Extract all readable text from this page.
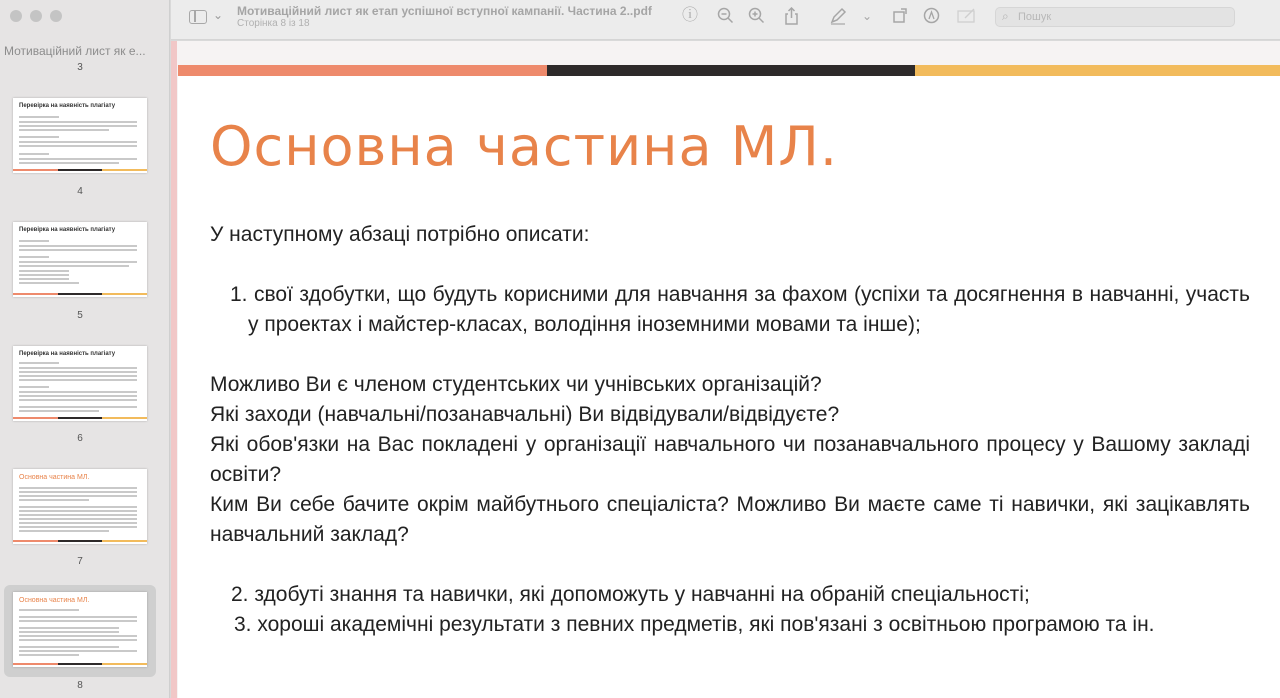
Мотиваційний лист як е...
3
Перевірка на наявність плагіату
4
Перевірка на наявність плагіату
5
Перевірка на наявність плагіату
6
Основна частина МЛ.
7
Основна частина МЛ.
8
⌄ Мотиваційний лист як етап успішної вступної кампанії. Частина 2..pdf
Сторінка 8 із 18	ⓘ	⌄	⌕ Пошук
Основна частина МЛ.
У наступному абзаці потрібно описати:
1. свої здобутки, що будуть корисними для навчання за фахом (успіхи та досягнення в навчанні, участь у проектах і майстер-класах, володіння іноземними мовами та інше);
Можливо Ви є членом студентських чи учнівських організацій?
Які заходи (навчальні/позанавчальні) Ви відвідували/відвідуєте?
Які обов'язки на Вас покладені у організації навчального чи позанавчального процесу у Вашому закладі освіти?
Ким Ви себе бачите окрім майбутнього спеціаліста? Можливо Ви маєте саме ті навички, які зацікавлять навчальний заклад?
2. здобуті знання та навички, які допоможуть у навчанні на обраній спеціальності;
3. хороші академічні результати з певних предметів, які пов'язані з освітньою програмою та ін.
